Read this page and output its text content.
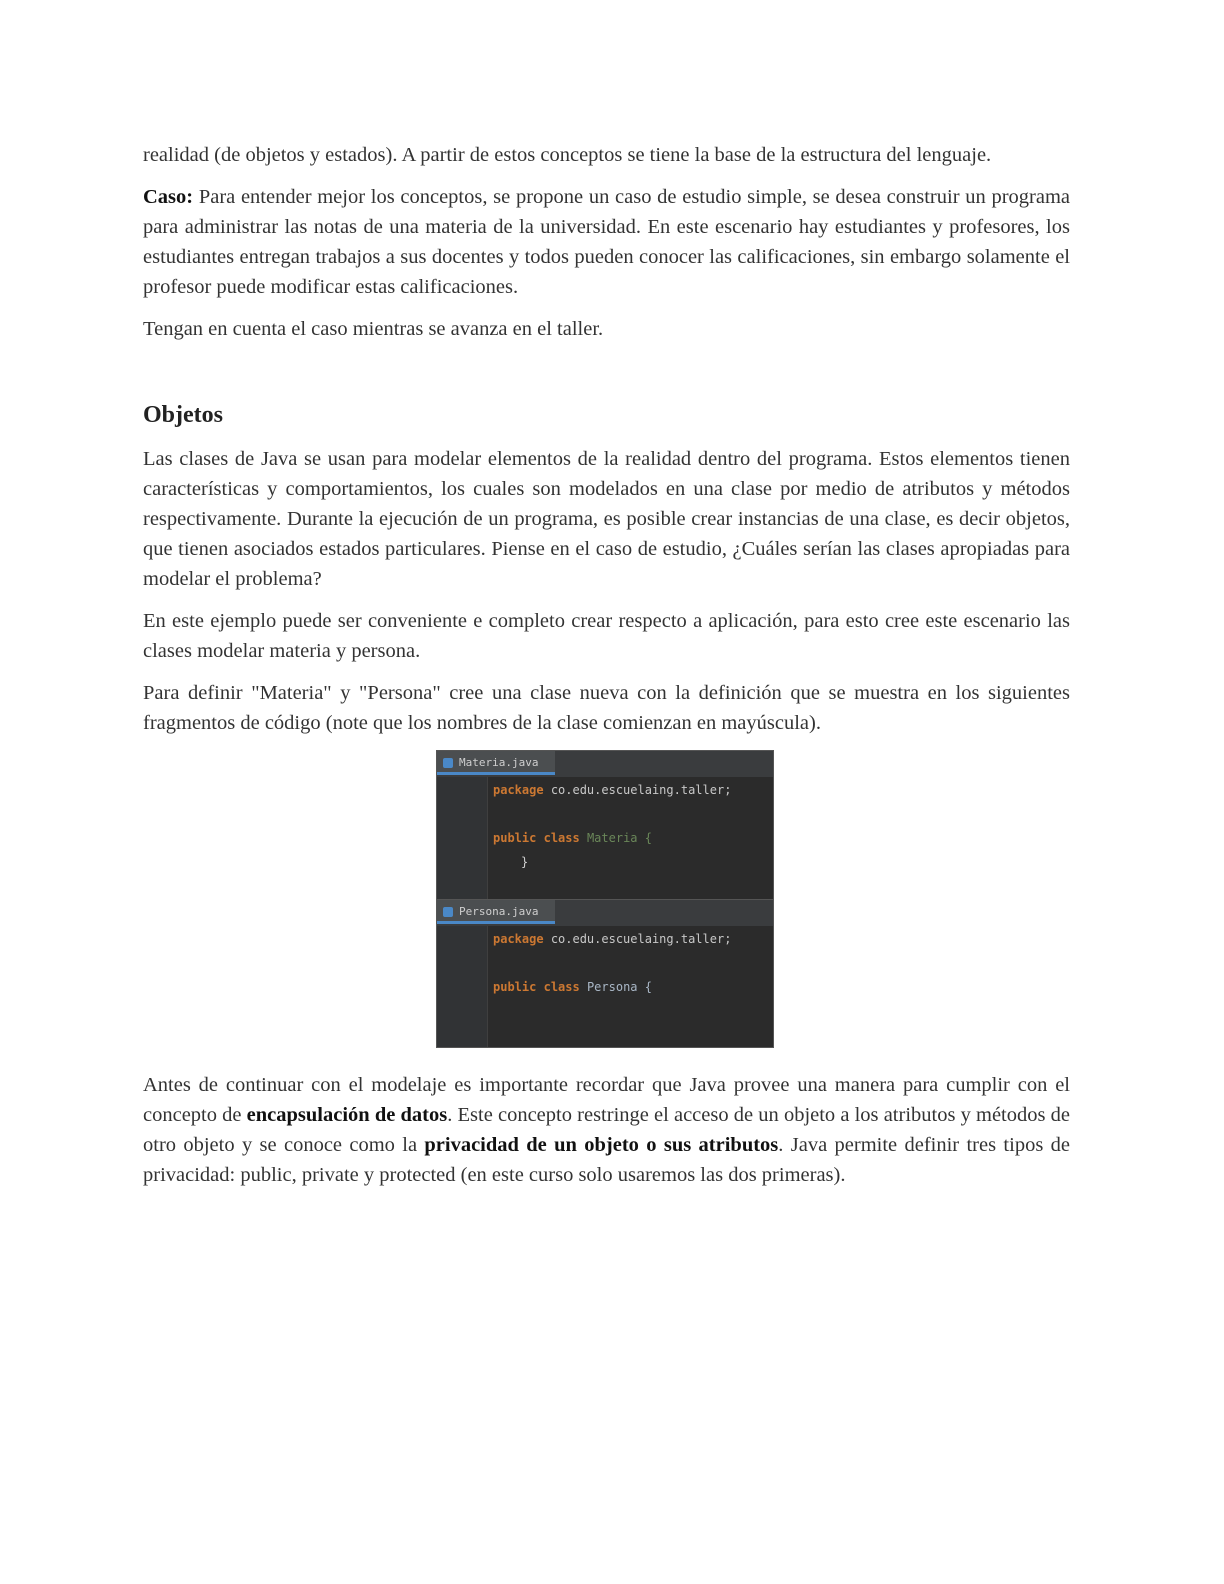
realidad (de objetos y estados). A partir de estos conceptos se tiene la base de la estructura del lenguaje.

Caso: Para entender mejor los conceptos, se propone un caso de estudio simple, se desea construir un programa para administrar las notas de una materia de la universidad. En este escenario hay estudiantes y profesores, los estudiantes entregan trabajos a sus docentes y todos pueden conocer las calificaciones, sin embargo solamente el profesor puede modificar estas calificaciones.

Tengan en cuenta el caso mientras se avanza en el taller.

Objetos

Las clases de Java se usan para modelar elementos de la realidad dentro del programa. Estos elementos tienen características y comportamientos, los cuales son modelados en una clase por medio de atributos y métodos respectivamente. Durante la ejecución de un programa, es posible crear instancias de una clase, es decir objetos, que tienen asociados estados particulares. Piense en el caso de estudio, ¿Cuáles serían las clases apropiadas para modelar el problema?

En este ejemplo puede ser conveniente e completo crear respecto a aplicación, para esto cree este escenario las clases modelar materia y persona.

Para definir "Materia" y "Persona" cree una clase nueva con la definición que se muestra en los siguientes fragmentos de código (note que los nombres de la clase comienzan en mayúscula).

Materia.java
package co.edu.escuelaing.taller;
public class Materia {
}
Persona.java
package co.edu.escuelaing.taller;
public class Persona {

Antes de continuar con el modelaje es importante recordar que Java provee una manera para cumplir con el concepto de encapsulación de datos. Este concepto restringe el acceso de un objeto a los atributos y métodos de otro objeto y se conoce como la privacidad de un objeto o sus atributos. Java permite definir tres tipos de privacidad: public, private y protected (en este curso solo usaremos las dos primeras).
